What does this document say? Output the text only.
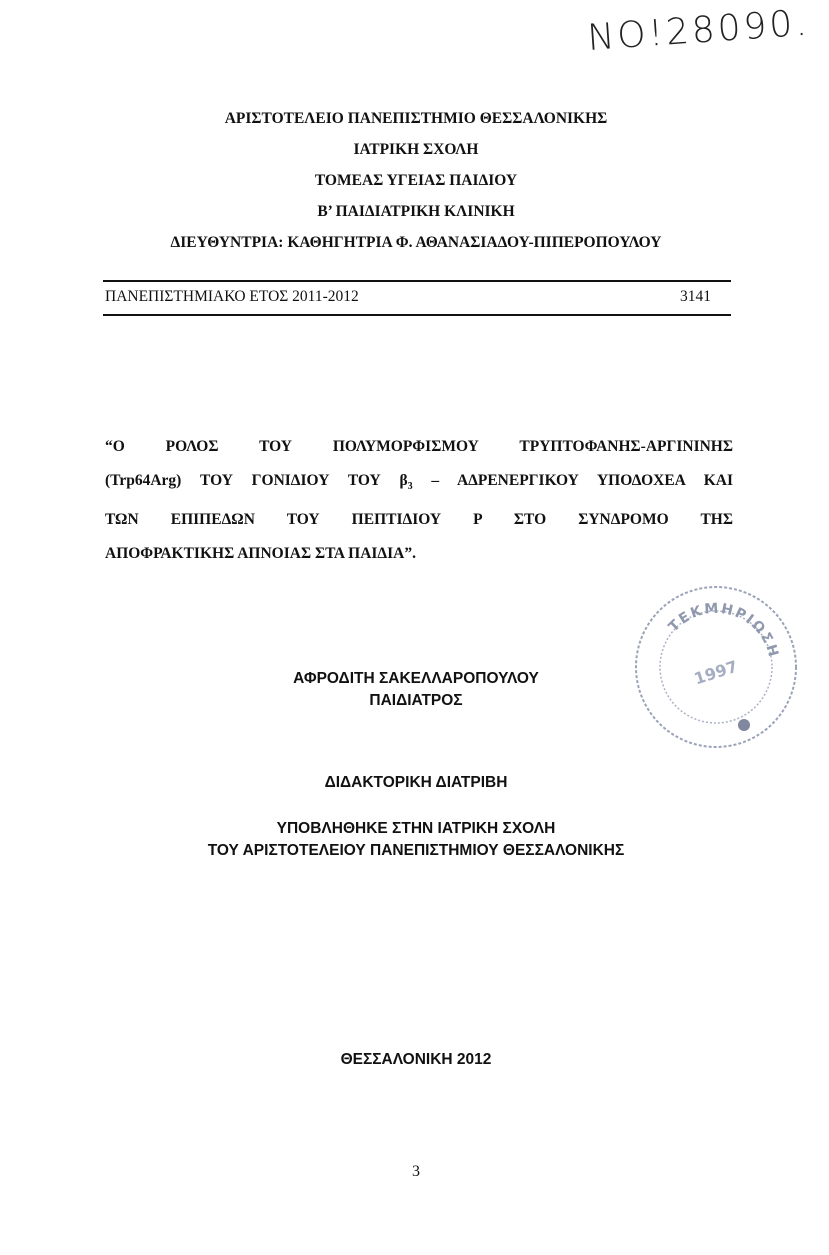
ΝΟ!28090.
ΑΡΙΣΤΟΤΕΛΕΙΟ ΠΑΝΕΠΙΣΤΗΜΙΟ ΘΕΣΣΑΛΟΝΙΚΗΣ
ΙΑΤΡΙΚΗ ΣΧΟΛΗ
ΤΟΜΕΑΣ ΥΓΕΙΑΣ ΠΑΙΔΙΟΥ
Β’ ΠΑΙΔΙΑΤΡΙΚΗ ΚΛΙΝΙΚΗ
ΔΙΕΥΘΥΝΤΡΙΑ: ΚΑΘΗΓΗΤΡΙΑ Φ. ΑΘΑΝΑΣΙΑΔΟΥ-ΠΙΠΕΡΟΠΟΥΛΟΥ
ΠΑΝΕΠΙΣΤΗΜΙΑΚΟ ΕΤΟΣ 2011-2012	3141
“Ο ΡΟΛΟΣ ΤΟΥ ΠΟΛΥΜΟΡΦΙΣΜΟΥ ΤΡΥΠΤΟΦΑΝΗΣ-ΑΡΓΙΝΙΝΗΣ
(Trp64Arg) ΤΟΥ ΓΟΝΙΔΙΟΥ ΤΟΥ $\beta_3$ – ΑΔΡΕΝΕΡΓΙΚΟΥ ΥΠΟΔΟΧΕΑ ΚΑΙ
ΤΩΝ ΕΠΙΠΕΔΩΝ ΤΟΥ ΠΕΠΤΙΔΙΟΥ Ρ ΣΤΟ ΣΥΝΔΡΟΜΟ ΤΗΣ
ΑΠΟΦΡΑΚΤΙΚΗΣ ΑΠΝΟΙΑΣ ΣΤΑ ΠΑΙΔΙΑ”.
ΤΕΚΜΗΡΙΩΣΗ
1997
ΑΦΡΟΔΙΤΗ ΣΑΚΕΛΛΑΡΟΠΟΥΛΟΥ
ΠΑΙΔΙΑΤΡΟΣ
ΔΙΔΑΚΤΟΡΙΚΗ ΔΙΑΤΡΙΒΗ
ΥΠΟΒΛΗΘΗΚΕ ΣΤΗΝ ΙΑΤΡΙΚΗ ΣΧΟΛΗ
ΤΟΥ ΑΡΙΣΤΟΤΕΛΕΙΟΥ ΠΑΝΕΠΙΣΤΗΜΙΟΥ ΘΕΣΣΑΛΟΝΙΚΗΣ
ΘΕΣΣΑΛΟΝΙΚΗ 2012
3
